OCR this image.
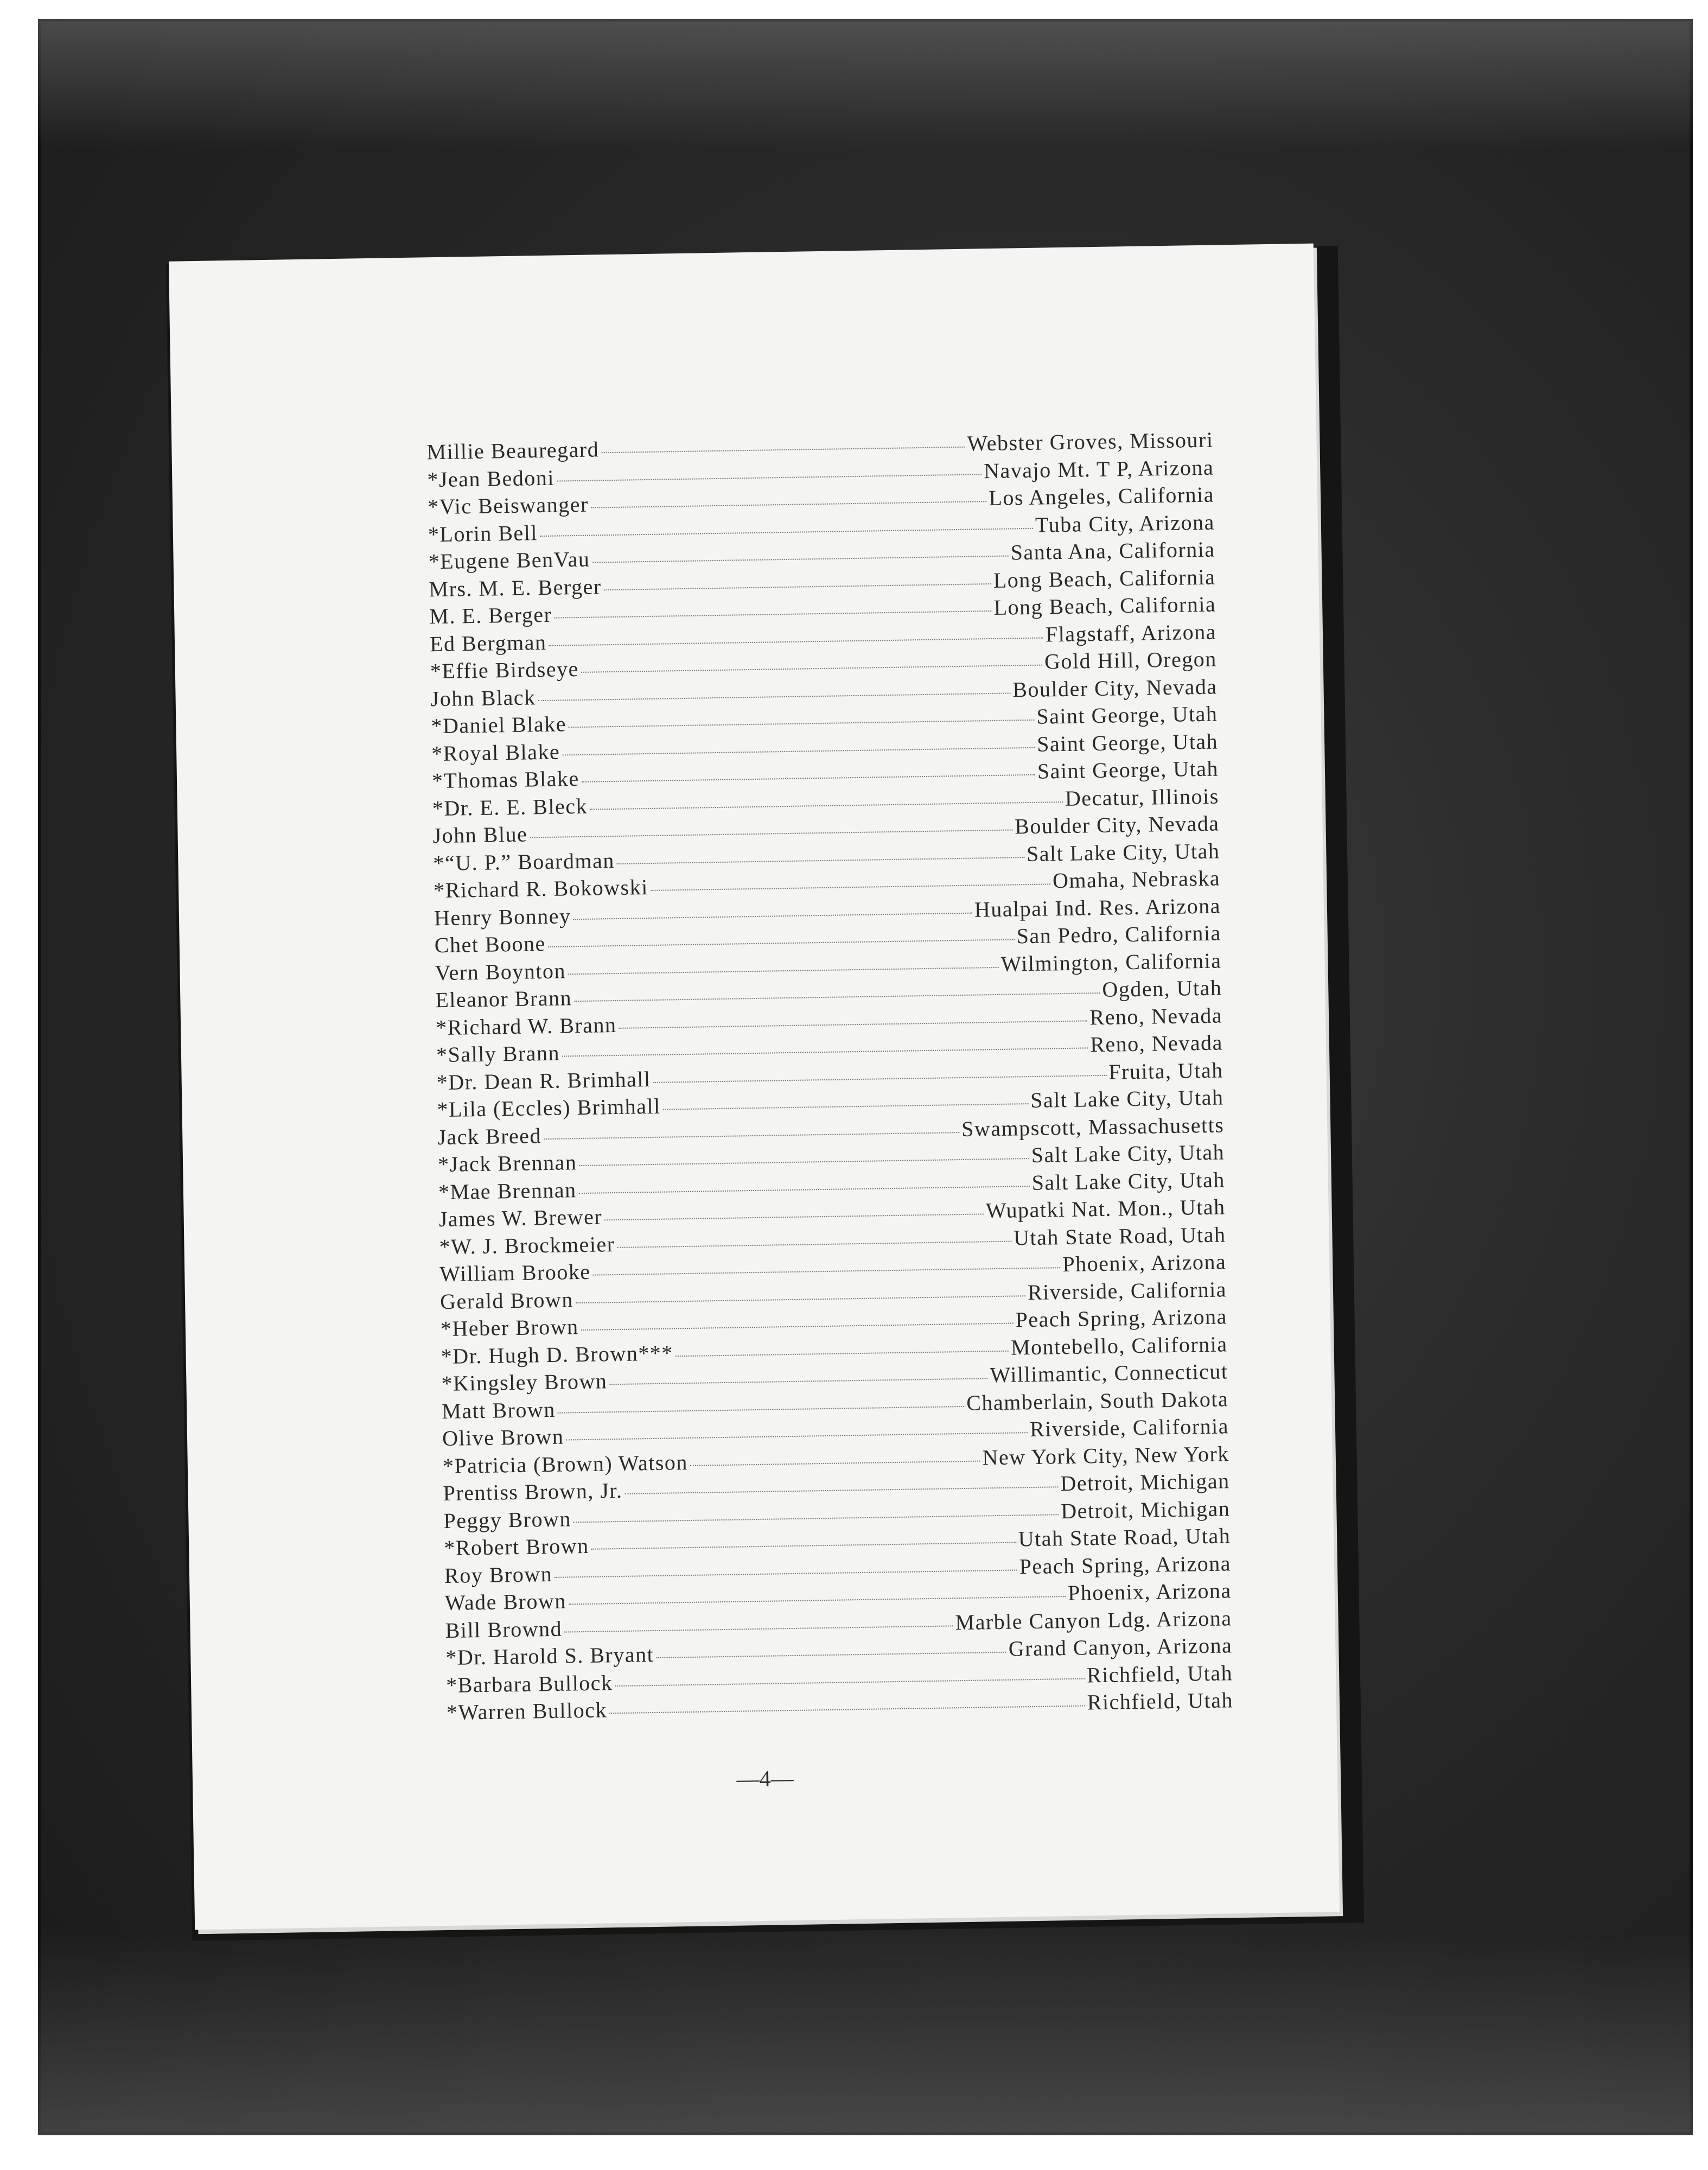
Millie Beauregard	Webster Groves, Missouri
*Jean Bedoni	Navajo Mt. T P, Arizona
*Vic Beiswanger	Los Angeles, California
*Lorin Bell	Tuba City, Arizona
*Eugene BenVau	Santa Ana, California
Mrs. M. E. Berger	Long Beach, California
M. E. Berger	Long Beach, California
Ed Bergman	Flagstaff, Arizona
*Effie Birdseye	Gold Hill, Oregon
John Black	Boulder City, Nevada
*Daniel Blake	Saint George, Utah
*Royal Blake	Saint George, Utah
*Thomas Blake	Saint George, Utah
*Dr. E. E. Bleck	Decatur, Illinois
John Blue	Boulder City, Nevada
*“U. P.” Boardman	Salt Lake City, Utah
*Richard R. Bokowski	Omaha, Nebraska
Henry Bonney	Hualpai Ind. Res. Arizona
Chet Boone	San Pedro, California
Vern Boynton	Wilmington, California
Eleanor Brann	Ogden, Utah
*Richard W. Brann	Reno, Nevada
*Sally Brann	Reno, Nevada
*Dr. Dean R. Brimhall	Fruita, Utah
*Lila (Eccles) Brimhall	Salt Lake City, Utah
Jack Breed	Swampscott, Massachusetts
*Jack Brennan	Salt Lake City, Utah
*Mae Brennan	Salt Lake City, Utah
James W. Brewer	Wupatki Nat. Mon., Utah
*W. J. Brockmeier	Utah State Road, Utah
William Brooke	Phoenix, Arizona
Gerald Brown	Riverside, California
*Heber Brown	Peach Spring, Arizona
*Dr. Hugh D. Brown***	Montebello, California
*Kingsley Brown	Willimantic, Connecticut
Matt Brown	Chamberlain, South Dakota
Olive Brown	Riverside, California
*Patricia (Brown) Watson	New York City, New York
Prentiss Brown, Jr.	Detroit, Michigan
Peggy Brown	Detroit, Michigan
*Robert Brown	Utah State Road, Utah
Roy Brown	Peach Spring, Arizona
Wade Brown	Phoenix, Arizona
Bill Brownd	Marble Canyon Ldg. Arizona
*Dr. Harold S. Bryant	Grand Canyon, Arizona
*Barbara Bullock	Richfield, Utah
*Warren Bullock	Richfield, Utah
—4—
